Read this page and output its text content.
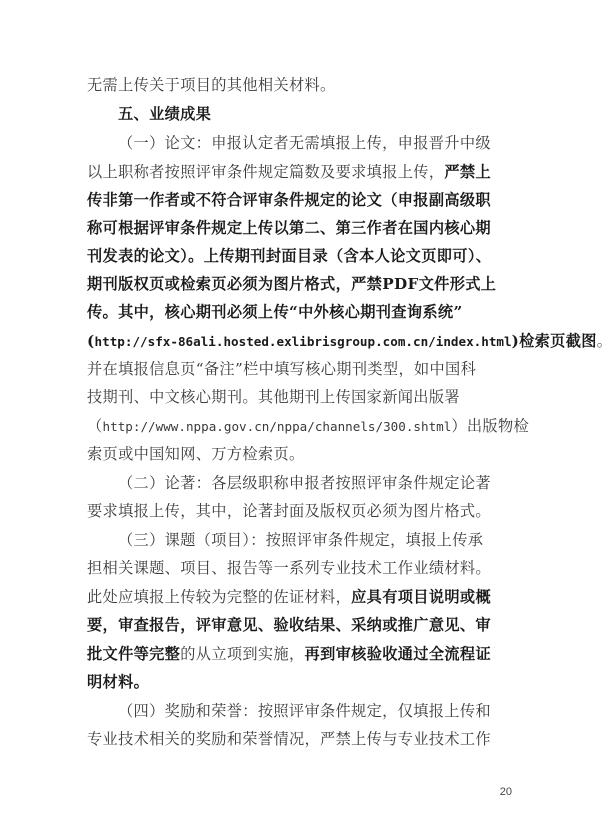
无需上传关于项目的其他相关材料。
五、业绩成果
（一）论文：申报认定者无需填报上传，申报晋升中级
以上职称者按照评审条件规定篇数及要求填报上传，严禁上
传非第一作者或不符合评审条件规定的论文（申报副高级职
称可根据评审条件规定上传以第二、第三作者在国内核心期
刊发表的论文）。上传期刊封面目录（含本人论文页即可）、
期刊版权页或检索页必须为图片格式，严禁PDF文件形式上
传。其中，核心期刊必须上传“中外核心期刊查询系统”
(http://sfx-86ali.hosted.exlibrisgroup.com.cn/index.html)检索页截图。
并在填报信息页“备注”栏中填写核心期刊类型，如中国科
技期刊、中文核心期刊。其他期刊上传国家新闻出版署
（http://www.nppa.gov.cn/nppa/channels/300.shtml）出版物检
索页或中国知网、万方检索页。
（二）论著：各层级职称申报者按照评审条件规定论著
要求填报上传，其中，论著封面及版权页必须为图片格式。
（三）课题（项目）：按照评审条件规定，填报上传承
担相关课题、项目、报告等一系列专业技术工作业绩材料。
此处应填报上传较为完整的佐证材料，应具有项目说明或概
要，审查报告，评审意见、验收结果、采纳或推广意见、审
批文件等完整的从立项到实施，再到审核验收通过全流程证
明材料。
（四）奖励和荣誉：按照评审条件规定，仅填报上传和
专业技术相关的奖励和荣誉情况，严禁上传与专业技术工作
20
